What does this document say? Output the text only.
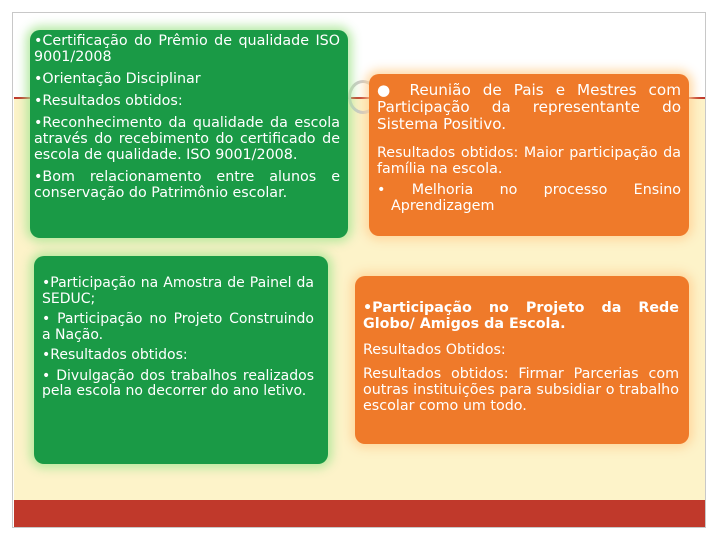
•Certificação do Prêmio de qualidade ISO 9001/2008

•Orientação Disciplinar

•Resultados obtidos:

•Reconhecimento da qualidade da escola através do recebimento do certificado de escola de qualidade. ISO 9001/2008.

•Bom relacionamento entre alunos e conservação do Patrimônio escolar.

•Participação na Amostra de Painel da SEDUC;

• Participação no Projeto Construindo a Nação.

•Resultados obtidos:

• Divulgação dos trabalhos realizados pela escola no decorrer do ano letivo.

● Reunião de Pais e Mestres com Participação da representante do Sistema Positivo.

Resultados obtidos: Maior participação da família na escola.

• Melhoria no processo Ensino Aprendizagem

•Participação no Projeto da Rede Globo/ Amigos da Escola.

Resultados Obtidos:

Resultados obtidos: Firmar Parcerias com outras instituições para subsidiar o trabalho escolar como um todo.
